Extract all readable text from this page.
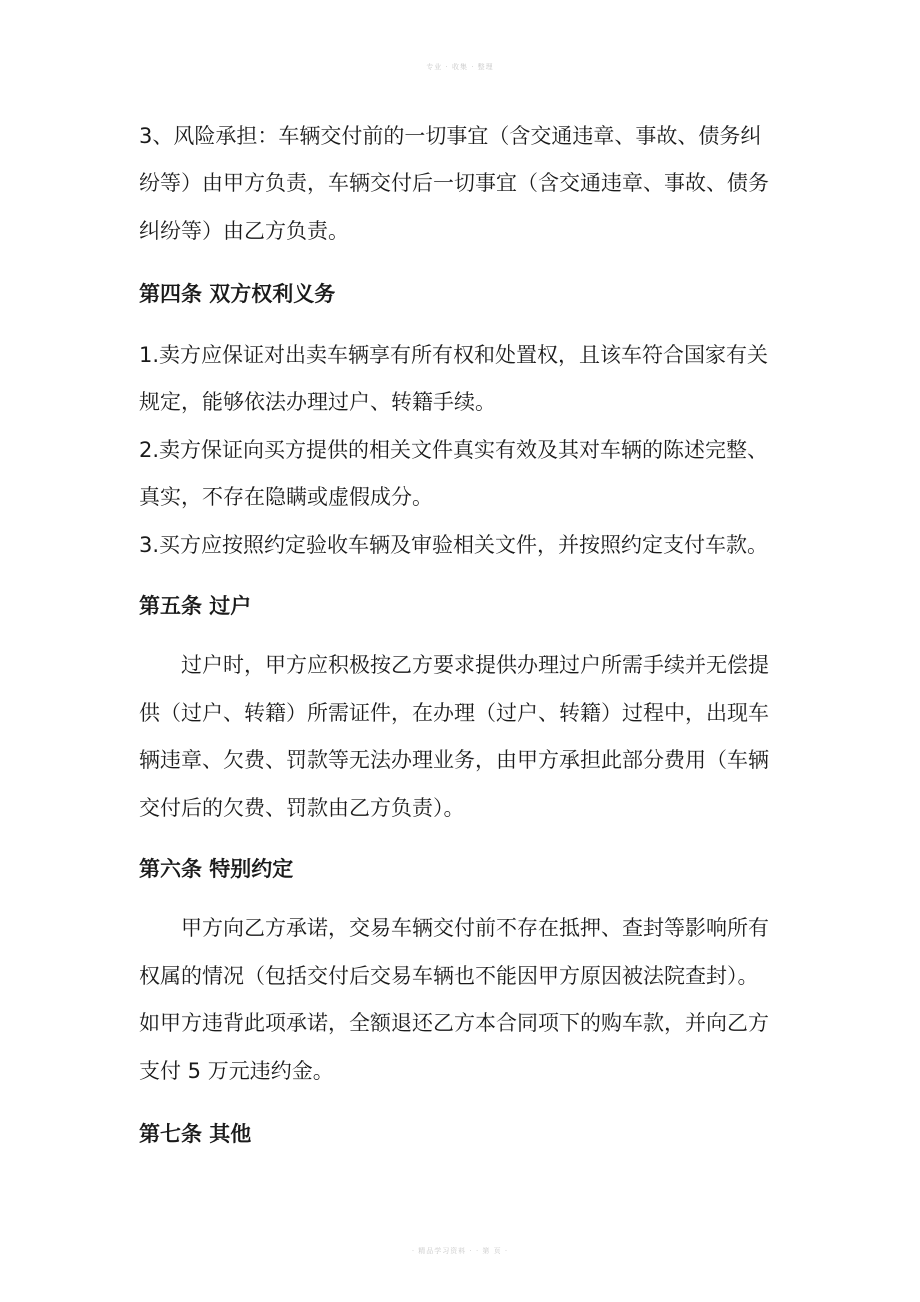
专业 · 收集 · 整理
3、风险承担：车辆交付前的一切事宜（含交通违章、事故、债务纠
纷等）由甲方负责，车辆交付后一切事宜（含交通违章、事故、债务
纠纷等）由乙方负责。
第四条 双方权利义务
1.卖方应保证对出卖车辆享有所有权和处置权，且该车符合国家有关
规定，能够依法办理过户、转籍手续。
2.卖方保证向买方提供的相关文件真实有效及其对车辆的陈述完整、
真实，不存在隐瞒或虚假成分。
3.买方应按照约定验收车辆及审验相关文件，并按照约定支付车款。
第五条 过户
过户时，甲方应积极按乙方要求提供办理过户所需手续并无偿提
供（过户、转籍）所需证件，在办理（过户、转籍）过程中，出现车
辆违章、欠费、罚款等无法办理业务，由甲方承担此部分费用（车辆
交付后的欠费、罚款由乙方负责）。
第六条 特别约定
甲方向乙方承诺，交易车辆交付前不存在抵押、查封等影响所有
权属的情况（包括交付后交易车辆也不能因甲方原因被法院查封）。
如甲方违背此项承诺，全额退还乙方本合同项下的购车款，并向乙方
支付 5 万元违约金。
第七条 其他
· 精品学习资料 · · 第 页 ·
